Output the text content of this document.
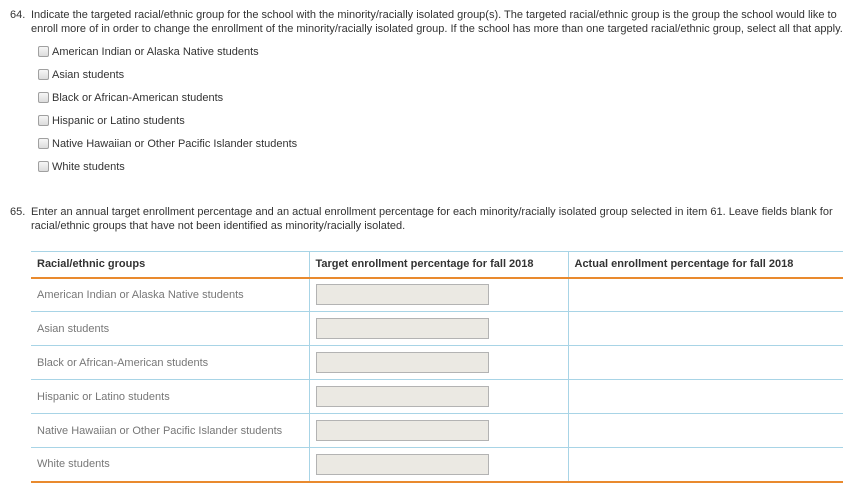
64. Indicate the targeted racial/ethnic group for the school with the minority/racially isolated group(s). The targeted racial/ethnic group is the group the school would like to enroll more of in order to change the enrollment of the minority/racially isolated group. If the school has more than one targeted racial/ethnic group, select all that apply.
American Indian or Alaska Native students
Asian students
Black or African-American students
Hispanic or Latino students
Native Hawaiian or Other Pacific Islander students
White students
65. Enter an annual target enrollment percentage and an actual enrollment percentage for each minority/racially isolated group selected in item 61. Leave fields blank for racial/ethnic groups that have not been identified as minority/racially isolated.
Racial/ethnic groups	Target enrollment percentage for fall 2018	Actual enrollment percentage for fall 2018
American Indian or Alaska Native students		
Asian students		
Black or African-American students		
Hispanic or Latino students		
Native Hawaiian or Other Pacific Islander students		
White students		
